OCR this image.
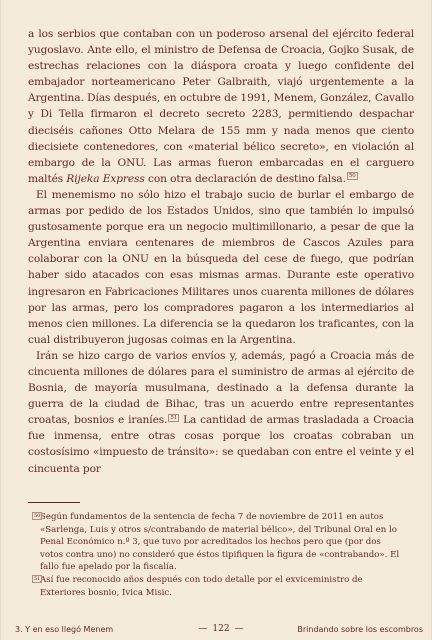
a los serbios que contaban con un poderoso arsenal del ejército federal yugoslavo. Ante ello, el ministro de Defensa de Croacia, Gojko Susak, de estrechas relaciones con la diáspora croata y luego confidente del embajador norteamericano Peter Galbraith, viajó urgentemente a la Argentina. Días después, en octubre de 1991, Menem, González, Cavallo y Di Tella firmaron el decreto secreto 2283, permitiendo despachar dieciséis cañones Otto Melara de 155 mm y nada menos que ciento diecisiete contenedores, con «material bélico secreto», en violación al embargo de la ONU. Las armas fueron embarcadas en el carguero maltés Rijeka Express con otra declaración de destino falsa. $^{50}$

El menemismo no sólo hizo el trabajo sucio de burlar el embargo de armas por pedido de los Estados Unidos, sino que también lo impulsó gustosamente porque era un negocio multimillonario, a pesar de que la Argentina enviara centenares de miembros de Cascos Azules para colaborar con la ONU en la búsqueda del cese de fuego, que podrían haber sido atacados con esas mismas armas. Durante este operativo ingresaron en Fabricaciones Militares unos cuarenta millones de dólares por las armas, pero los compradores pagaron a los intermediarios al menos cien millones. La diferencia se la quedaron los traficantes, con la cual distribuyeron jugosas coimas en la Argentina.

Irán se hizo cargo de varios envíos y, además, pagó a Croacia más de cincuenta millones de dólares para el suministro de armas al ejército de Bosnia, de mayoría musulmana, destinado a la defensa durante la guerra de la ciudad de Bihac, tras un acuerdo entre representantes croatas, bosnios e iraníes. $^{51}$ La cantidad de armas trasladada a Croacia fue inmensa, entre otras cosas porque los croatas cobraban un costosísimo «impuesto de tránsito»: se quedaban con entre el veinte y el cincuenta por

50 Según fundamentos de la sentencia de fecha 7 de noviembre de 2011 en autos «Sarlenga, Luis y otros s/contrabando de material bélico», del Tribunal Oral en lo Penal Económico n.º 3, que tuvo por acreditados los hechos pero que (por dos votos contra uno) no consideró que éstos tipifiquen la figura de «contrabando». El fallo fue apelado por la fiscalía.
51 Así fue reconocido años después con todo detalle por el exviceministro de Exteriores bosnio, Ivica Misic.
3. Y en eso llegó Menem	— 122 —	Brindando sobre los escombros
